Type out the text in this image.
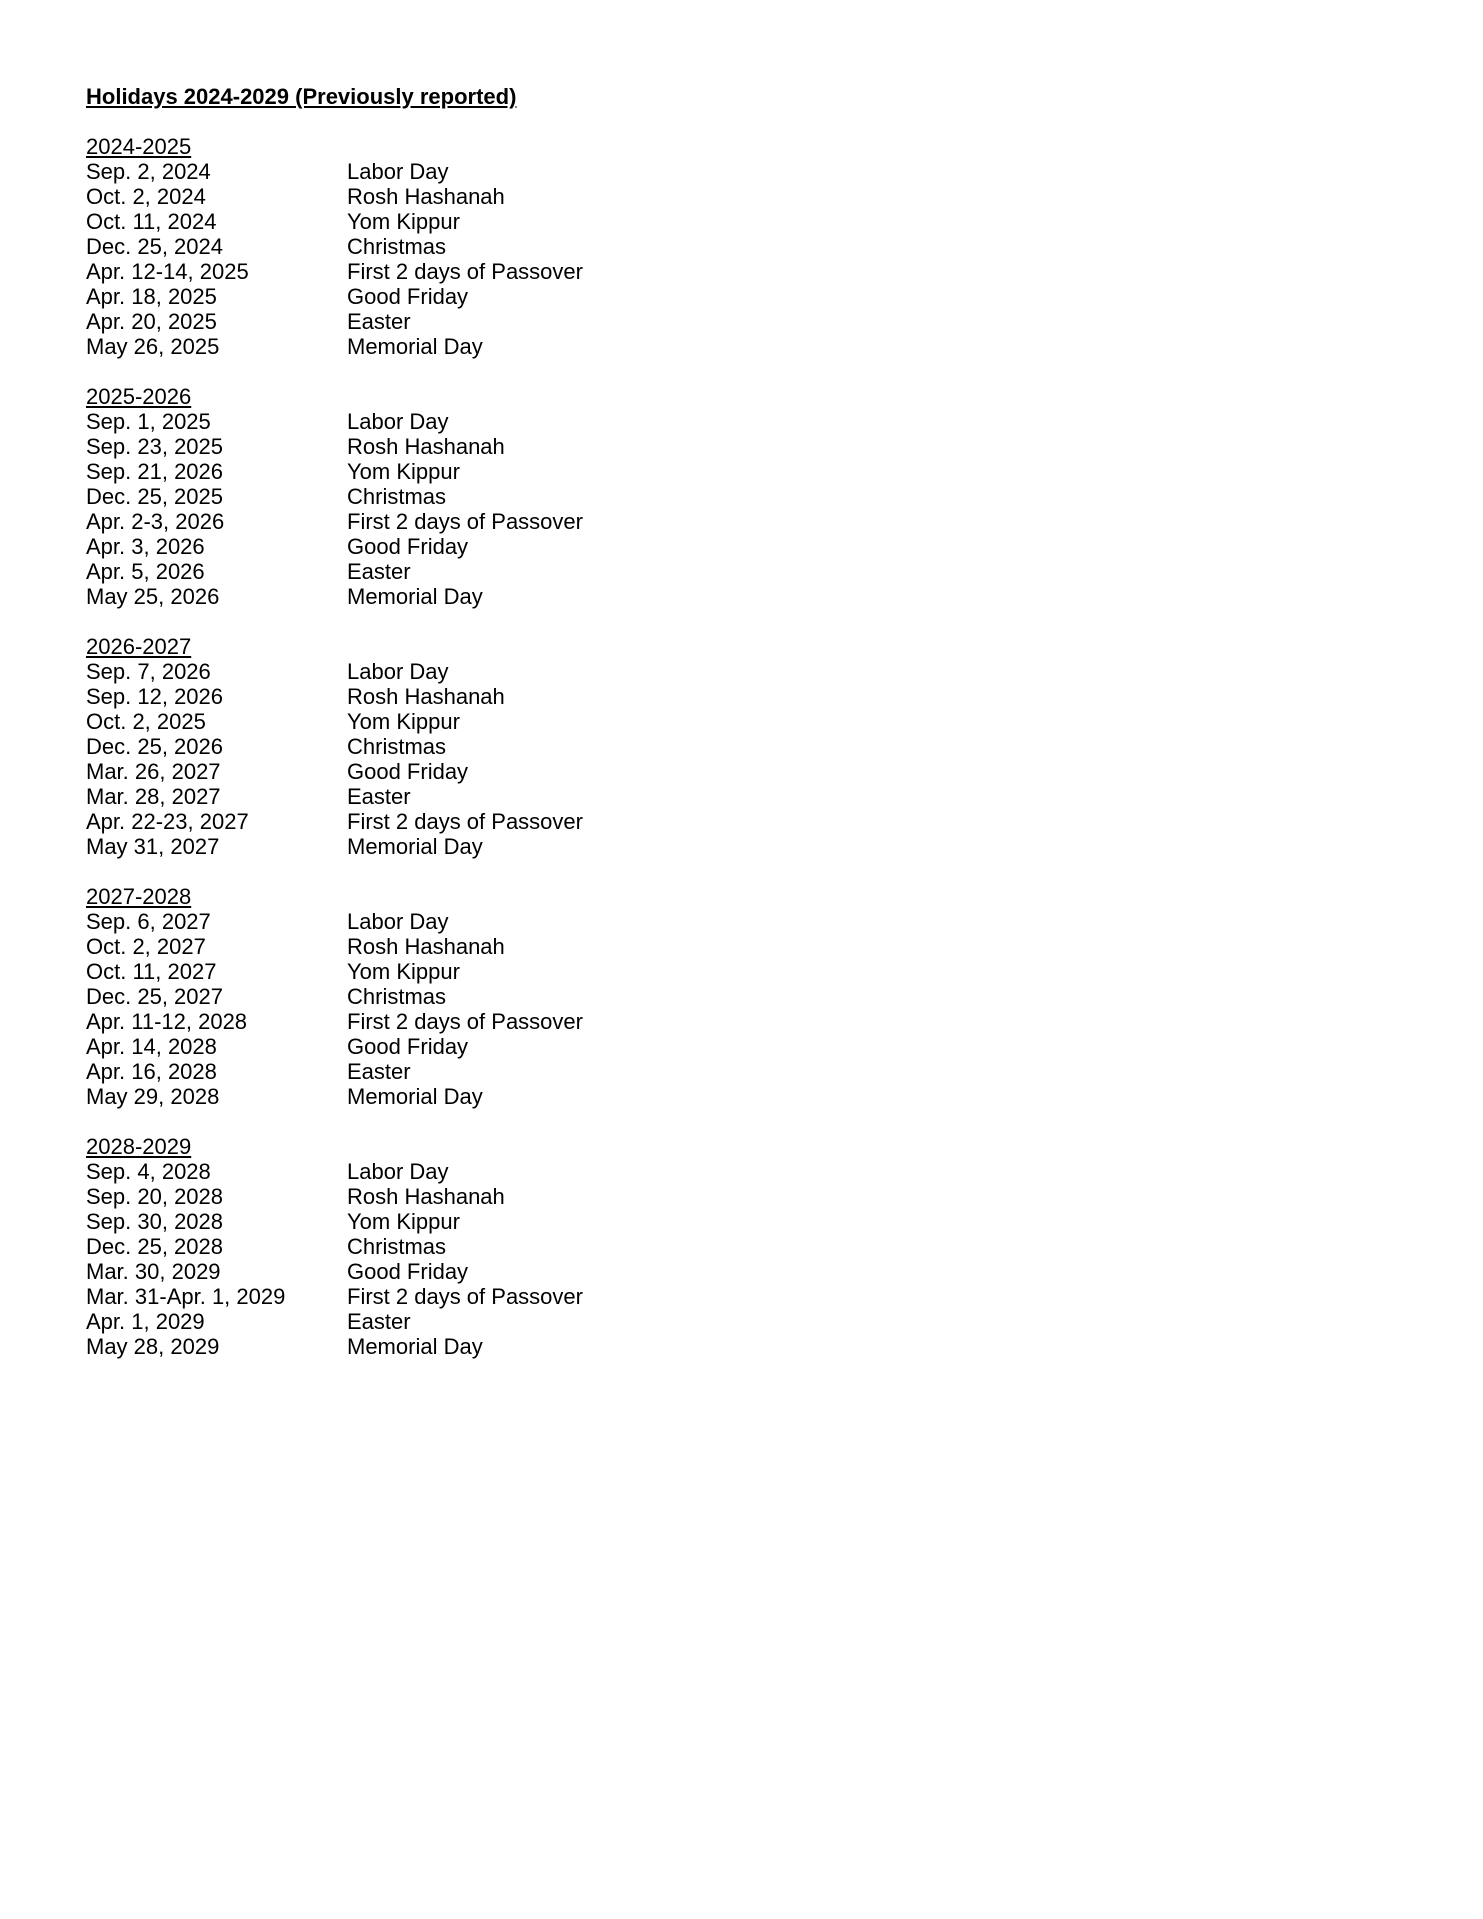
Holidays 2024-2029 (Previously reported)
2024-2025
Sep. 2, 2024	Labor Day
Oct. 2, 2024	Rosh Hashanah
Oct. 11, 2024	Yom Kippur
Dec. 25, 2024	Christmas
Apr. 12-14, 2025	First 2 days of Passover
Apr. 18, 2025	Good Friday
Apr. 20, 2025	Easter
May 26, 2025	Memorial Day
2025-2026
Sep. 1, 2025	Labor Day
Sep. 23, 2025	Rosh Hashanah
Sep. 21, 2026	Yom Kippur
Dec. 25, 2025	Christmas
Apr. 2-3, 2026	First 2 days of Passover
Apr. 3, 2026	Good Friday
Apr. 5, 2026	Easter
May 25, 2026	Memorial Day
2026-2027
Sep. 7, 2026	Labor Day
Sep. 12, 2026	Rosh Hashanah
Oct. 2, 2025	Yom Kippur
Dec. 25, 2026	Christmas
Mar. 26, 2027	Good Friday
Mar. 28, 2027	Easter
Apr. 22-23, 2027	First 2 days of Passover
May 31, 2027	Memorial Day
2027-2028
Sep. 6, 2027	Labor Day
Oct. 2, 2027	Rosh Hashanah
Oct. 11, 2027	Yom Kippur
Dec. 25, 2027	Christmas
Apr. 11-12, 2028	First 2 days of Passover
Apr. 14, 2028	Good Friday
Apr. 16, 2028	Easter
May 29, 2028	Memorial Day
2028-2029
Sep. 4, 2028	Labor Day
Sep. 20, 2028	Rosh Hashanah
Sep. 30, 2028	Yom Kippur
Dec. 25, 2028	Christmas
Mar. 30, 2029	Good Friday
Mar. 31-Apr. 1, 2029	First 2 days of Passover
Apr. 1, 2029	Easter
May 28, 2029	Memorial Day
